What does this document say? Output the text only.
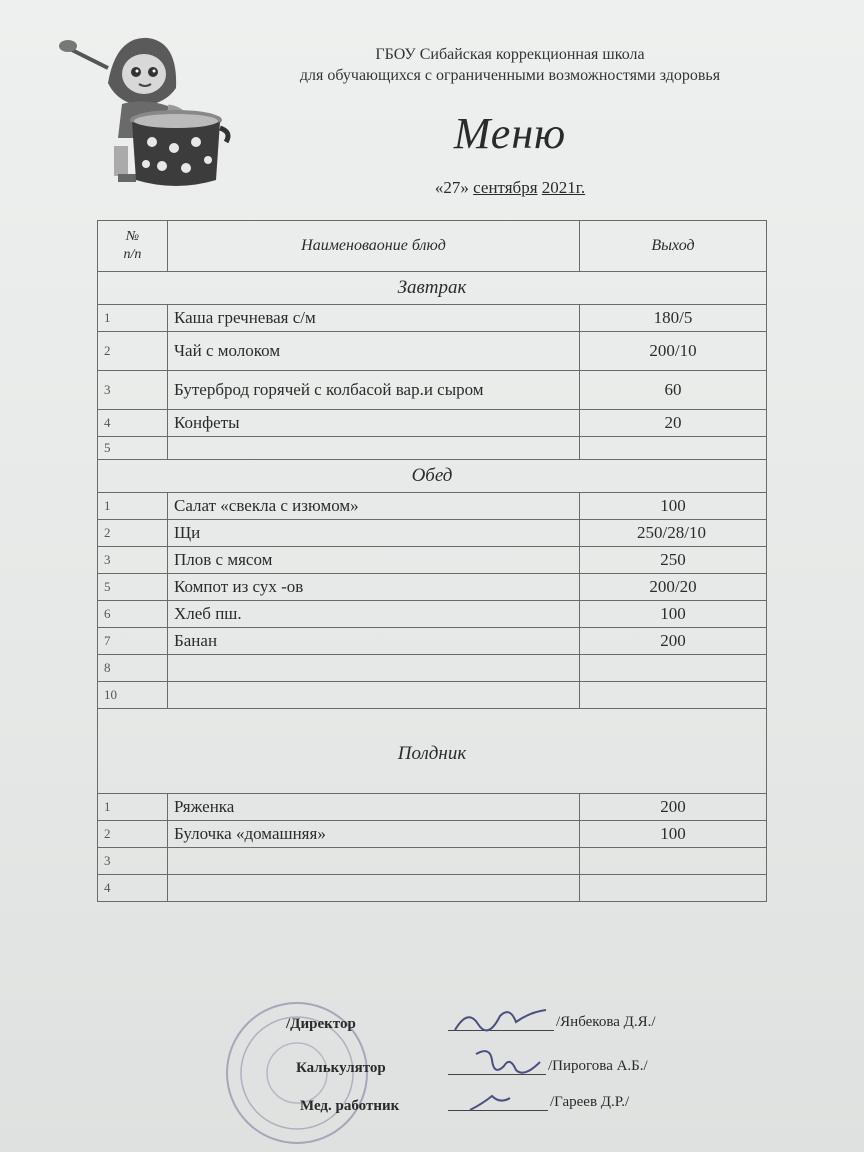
ГБОУ Сибайская коррекционная школа
для обучающихся с ограниченными возможностями здоровья
Меню
«27» сентября 2021г.
№
п/п	Наименоваоние блюд	Выход
Завтрак		
1	Каша гречневая с/м	180/5
2	Чай с молоком	200/10
3	Бутерброд горячей с колбасой вар.и сыром	60
4	Конфеты	20
5		
Обед		
1	Салат «свекла с изюмом»	100
2	Щи	250/28/10
3	Плов с мясом	250
5	Компот из сух -ов	200/20
6	Хлеб пш.	100
7	Банан	200
8		
10		
Полдник		
1	Ряженка	200
2	Булочка «домашняя»	100
3		
4		
/Директор	/Янбекова Д.Я./
Калькулятор	/Пирогова А.Б./
Мед. работник	/Гареев Д.Р./
